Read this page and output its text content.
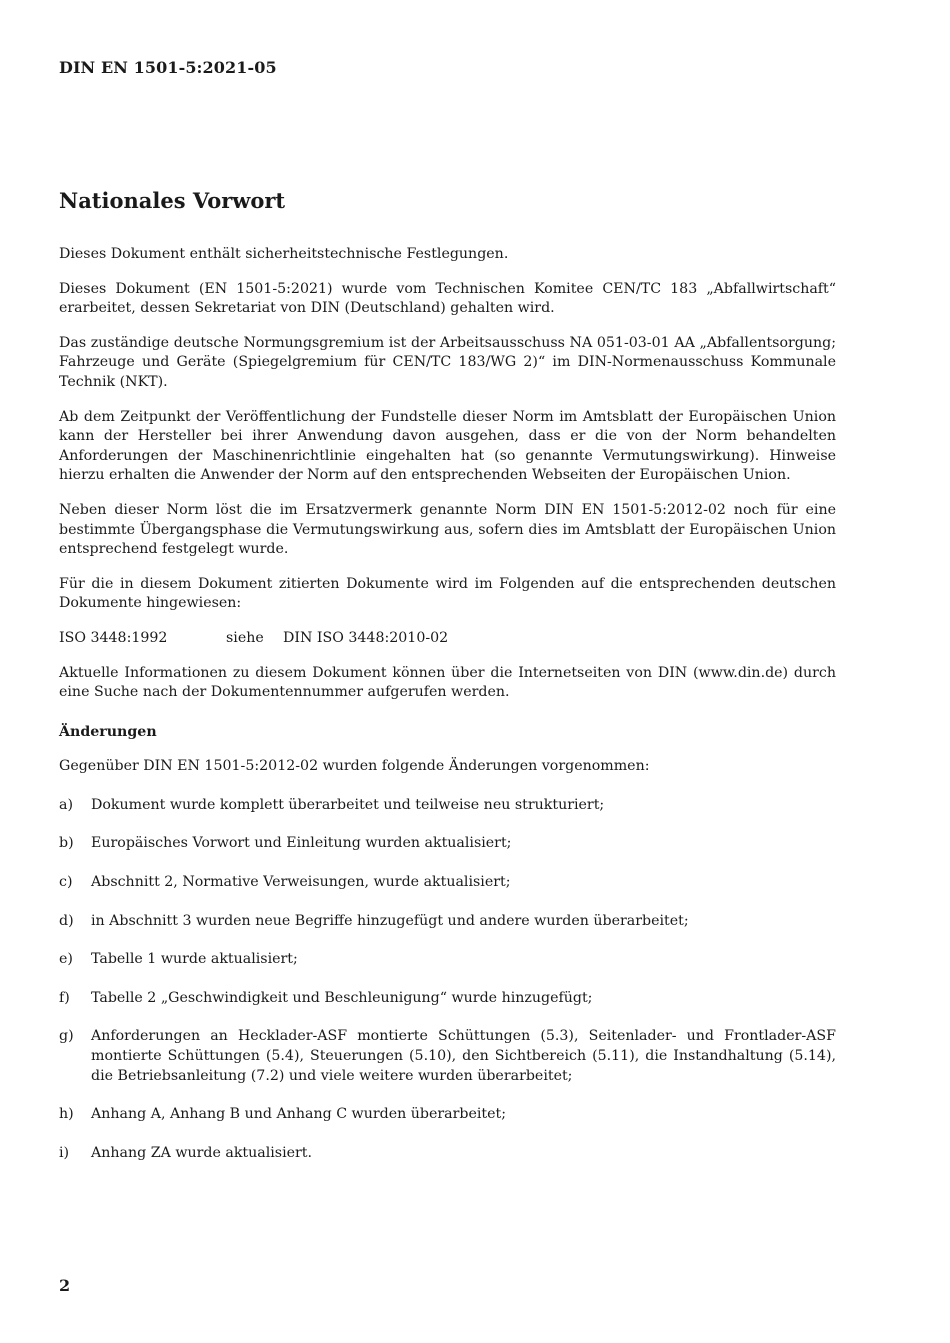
DIN EN 1501-5:2021-05
Nationales Vorwort

Dieses Dokument enthält sicherheitstechnische Festlegungen.

Dieses Dokument (EN 1501-5:2021) wurde vom Technischen Komitee CEN/TC 183 „Abfallwirtschaft“ erarbeitet, dessen Sekretariat von DIN (Deutschland) gehalten wird.

Das zuständige deutsche Normungsgremium ist der Arbeitsausschuss NA 051-03-01 AA „Abfallentsorgung; Fahrzeuge und Geräte (Spiegelgremium für CEN/TC 183/WG 2)“ im DIN-Normenausschuss Kommunale Technik (NKT).

Ab dem Zeitpunkt der Veröffentlichung der Fundstelle dieser Norm im Amtsblatt der Europäischen Union kann der Hersteller bei ihrer Anwendung davon ausgehen, dass er die von der Norm behandelten Anforderungen der Maschinenrichtlinie eingehalten hat (so genannte Vermutungswirkung). Hinweise hierzu erhalten die Anwender der Norm auf den entsprechenden Webseiten der Europäischen Union.

Neben dieser Norm löst die im Ersatzvermerk genannte Norm DIN EN 1501-5:2012-02 noch für eine bestimmte Übergangsphase die Vermutungswirkung aus, sofern dies im Amtsblatt der Europäischen Union entsprechend festgelegt wurde.

Für die in diesem Dokument zitierten Dokumente wird im Folgenden auf die entsprechenden deutschen Dokumente hingewiesen:

ISO 3448:1992	siehe	DIN ISO 3448:2010-02

Aktuelle Informationen zu diesem Dokument können über die Internetseiten von DIN (www.din.de) durch eine Suche nach der Dokumentennummer aufgerufen werden.

Änderungen

Gegenüber DIN EN 1501-5:2012-02 wurden folgende Änderungen vorgenommen:

a)	Dokument wurde komplett überarbeitet und teilweise neu strukturiert;
b)	Europäisches Vorwort und Einleitung wurden aktualisiert;
c)	Abschnitt 2, Normative Verweisungen, wurde aktualisiert;
d)	in Abschnitt 3 wurden neue Begriffe hinzugefügt und andere wurden überarbeitet;
e)	Tabelle 1 wurde aktualisiert;
f)	Tabelle 2 „Geschwindigkeit und Beschleunigung“ wurde hinzugefügt;
g)	Anforderungen an Hecklader-ASF montierte Schüttungen (5.3), Seitenlader- und Frontlader-ASF montierte Schüttungen (5.4), Steuerungen (5.10), den Sichtbereich (5.11), die Instandhaltung (5.14), die Betriebsanleitung (7.2) und viele weitere wurden überarbeitet;
h)	Anhang A, Anhang B und Anhang C wurden überarbeitet;
i)	Anhang ZA wurde aktualisiert.
2
